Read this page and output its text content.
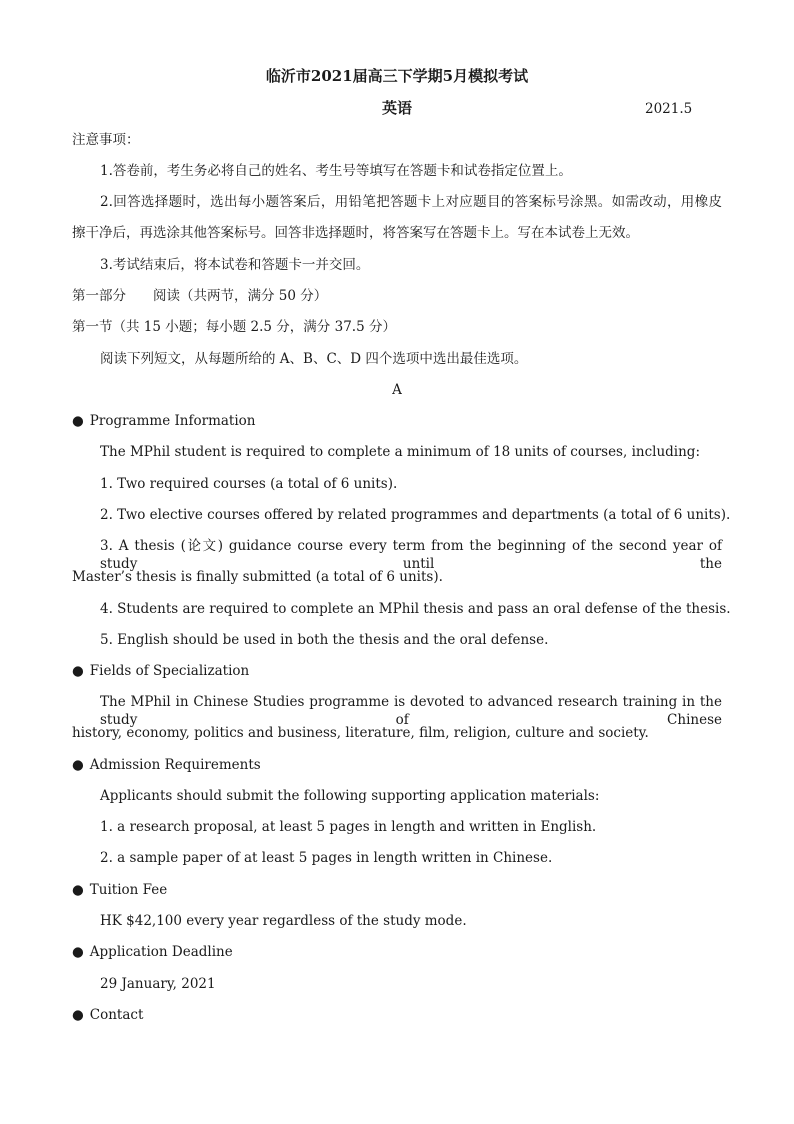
临沂市2021届高三下学期5月模拟考试
英语	2021.5
注意事项：
1.答卷前，考生务必将自己的姓名、考生号等填写在答题卡和试卷指定位置上。
2.回答选择题时，选出每小题答案后，用铅笔把答题卡上对应题目的答案标号涂黑。如需改动，用橡皮
擦干净后，再选涂其他答案标号。回答非选择题时，将答案写在答题卡上。写在本试卷上无效。
3.考试结束后，将本试卷和答题卡一并交回。
第一部分　　阅读（共两节，满分 50 分）
第一节（共 15 小题；每小题 2.5 分，满分 37.5 分）
阅读下列短文，从每题所给的 A、B、C、D 四个选项中选出最佳选项。
A
● Programme Information
The MPhil student is required to complete a minimum of 18 units of courses, including:
1. Two required courses (a total of 6 units).
2. Two elective courses offered by related programmes and departments (a total of 6 units).
3. A thesis (论文) guidance course every term from the beginning of the second year of study until the
Master’s thesis is finally submitted (a total of 6 units).
4. Students are required to complete an MPhil thesis and pass an oral defense of the thesis.
5. English should be used in both the thesis and the oral defense.
● Fields of Specialization
The MPhil in Chinese Studies programme is devoted to advanced research training in the study of Chinese
history, economy, politics and business, literature, film, religion, culture and society.
● Admission Requirements
Applicants should submit the following supporting application materials:
1. a research proposal, at least 5 pages in length and written in English.
2. a sample paper of at least 5 pages in length written in Chinese.
● Tuition Fee
HK $42,100 every year regardless of the study mode.
● Application Deadline
29 January, 2021
● Contact
